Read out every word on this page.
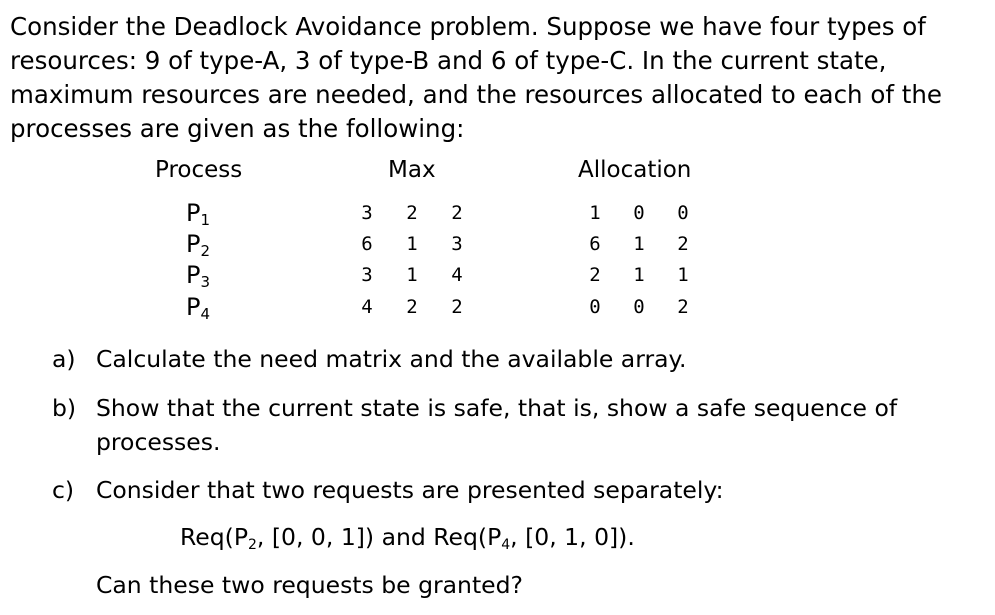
Consider the Deadlock Avoidance problem. Suppose we have four types of resources: 9 of type-A, 3 of type-B and 6 of type-C. In the current state, maximum resources are needed, and the resources allocated to each of the processes are given as the following:

Process	Max	Allocation
$P_1$	3 2 2	1 0 0
$P_2$	6 1 3	6 1 2
$P_3$	3 1 4	2 1 1
$P_4$	4 2 2	0 0 2
a) Calculate the need matrix and the available array.

b) Show that the current state is safe, that is, show a safe sequence of processes.

c) Consider that two requests are presented separately:

$Req(P_2$, [0, 0, 1]) and $Req(P_4$, [0, 1, 0]).
Can these two requests be granted?
